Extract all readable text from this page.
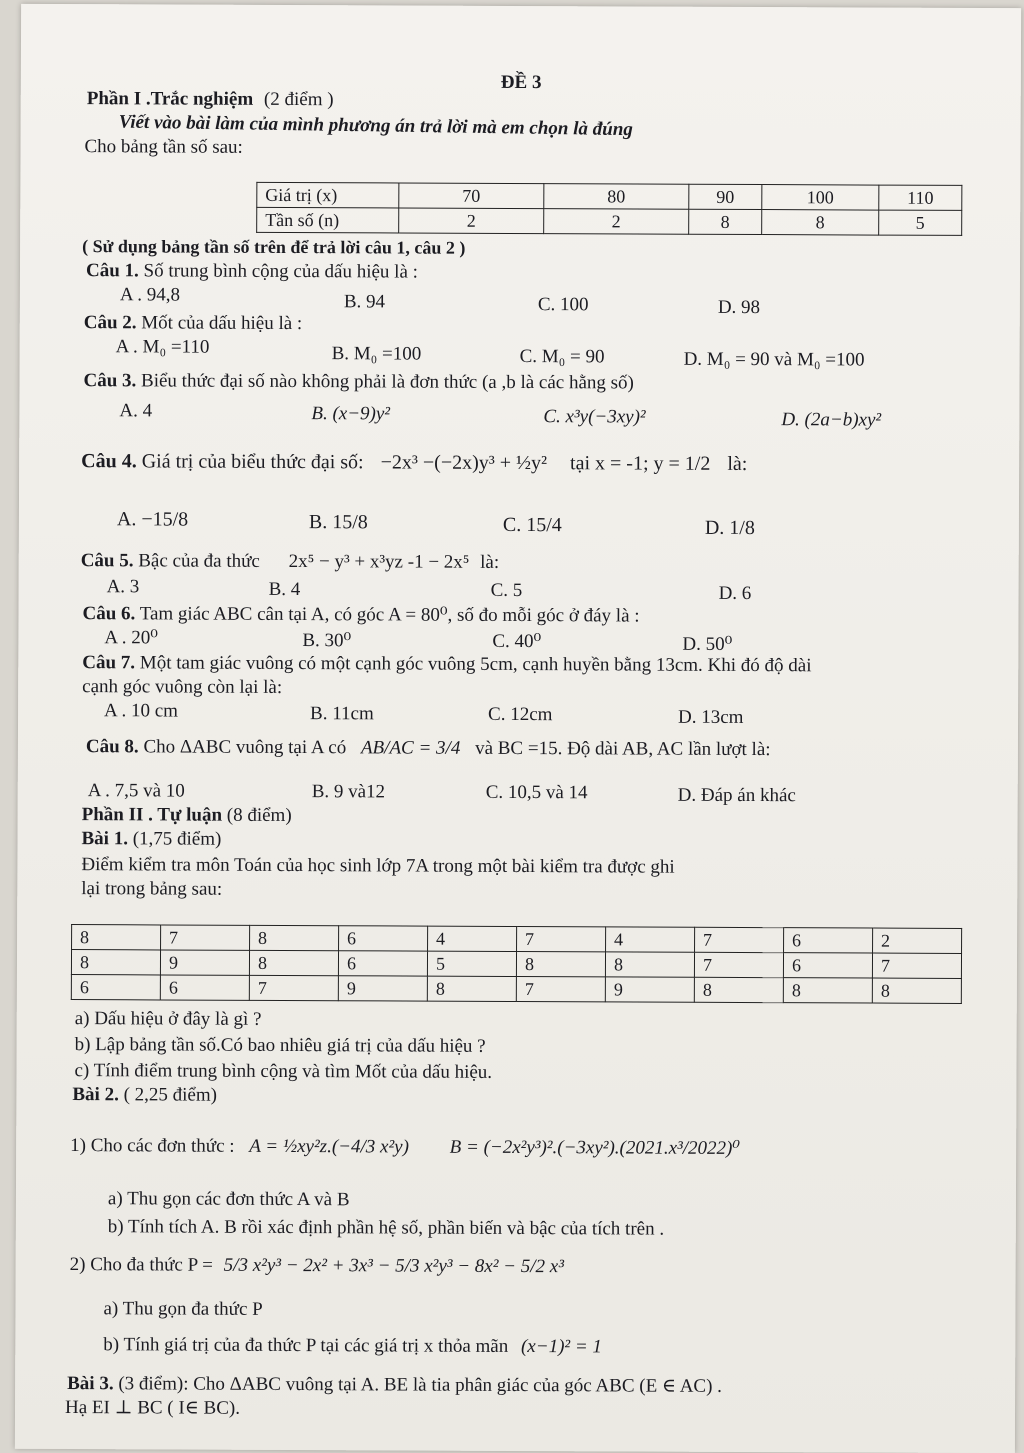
ĐỀ 3
Phần I .Trắc nghiệm (2 điểm )
Viết vào bài làm của mình phương án trả lời mà em chọn là đúng
Cho bảng tần số sau:
Giá trị (x)	70	80	90	100	110
Tần số (n)	2	2	8	8	5
( Sử dụng bảng tần số trên để trả lời câu 1, câu 2 )
Câu 1. Số trung bình cộng của dấu hiệu là :
A . 94,8	B. 94	C. 100	D. 98
Câu 2. Mốt của dấu hiệu là :
A . M₀ =110	B. M₀ =100	C. M₀ = 90	D. M₀ = 90 và M₀ =100
Câu 3. Biểu thức đại số nào không phải là đơn thức (a ,b là các hằng số)
A. 4	B. (x−9)y²	C. x³y(−3xy)²	D. (2a−b)xy²
Câu 4. Giá trị của biểu thức đại số: −2x³ −(−2x)y³ + ½y² tại x = -1; y = 1/2 là:
A. −15/8	B. 15/8	C. 15/4	D. 1/8
Câu 5. Bậc của đa thức 2x⁵ − y³ + x³yz -1 − 2x⁵ là:
A. 3	B. 4	C. 5	D. 6
Câu 6. Tam giác ABC cân tại A, có góc A = 80⁰, số đo mỗi góc ở đáy là :
A . 20⁰	B. 30⁰	C. 40⁰	D. 50⁰
Câu 7. Một tam giác vuông có một cạnh góc vuông 5cm, cạnh huyền bằng 13cm. Khi đó độ dài
cạnh góc vuông còn lại là:
A . 10 cm	B. 11cm	C. 12cm	D. 13cm
Câu 8. Cho ΔABC vuông tại A có AB/AC = 3/4 và BC =15. Độ dài AB, AC lần lượt là:
A . 7,5 và 10	B. 9 và12	C. 10,5 và 14	D. Đáp án khác
Phần II . Tự luận (8 điểm)
Bài 1. (1,75 điểm)
Điểm kiểm tra môn Toán của học sinh lớp 7A trong một bài kiểm tra được ghi
lại trong bảng sau:
8	7	8	6	4	7	4	7	6	2
8	9	8	6	5	8	8	7	6	7
6	6	7	9	8	7	9	8	8	8
a) Dấu hiệu ở đây là gì ?
b) Lập bảng tần số.Có bao nhiêu giá trị của dấu hiệu ?
c) Tính điểm trung bình cộng và tìm Mốt của dấu hiệu.
Bài 2. ( 2,25 điểm)
1) Cho các đơn thức : A = ½xy²z.(−4/3 x²y) B = (−2x²y³)².(−3xy²).(2021.x³/2022)⁰
a) Thu gọn các đơn thức A và B
b) Tính tích A. B rồi xác định phần hệ số, phần biến và bậc của tích trên .
2) Cho đa thức P = 5/3 x²y³ − 2x² + 3x³ − 5/3 x²y³ − 8x² − 5/2 x³
a) Thu gọn đa thức P
b) Tính giá trị của đa thức P tại các giá trị x thỏa mãn (x−1)² = 1
Bài 3. (3 điểm): Cho ΔABC vuông tại A. BE là tia phân giác của góc ABC (E ∈ AC) .
Hạ EI ⊥ BC ( I∈ BC).
